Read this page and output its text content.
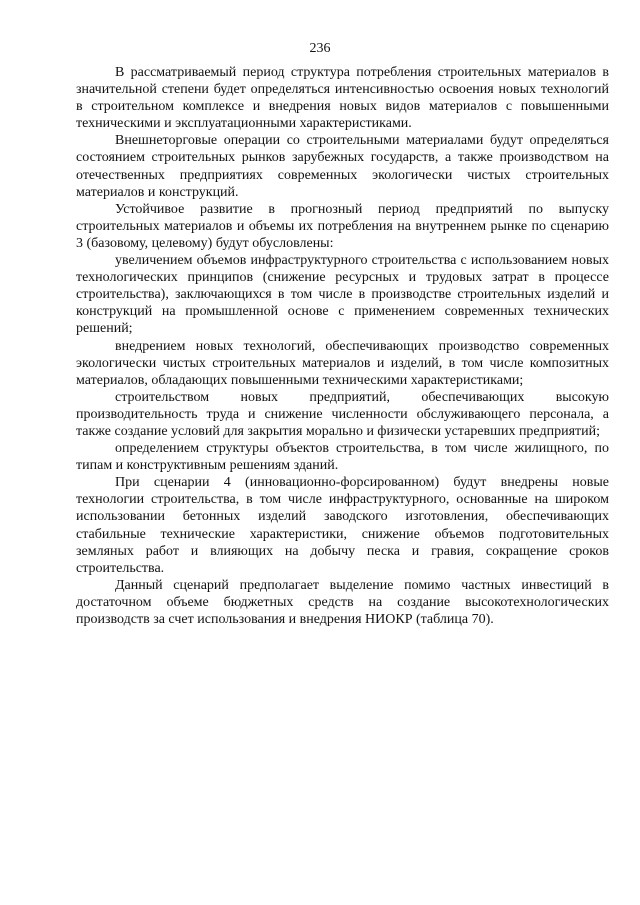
236

В рассматриваемый период структура потребления строительных материалов в значительной степени будет определяться интенсивностью освоения новых технологий в строительном комплексе и внедрения новых видов материалов с повышенными техническими и эксплуатационными характеристиками.

Внешнеторговые операции со строительными материалами будут определяться состоянием строительных рынков зарубежных государств, а также производством на отечественных предприятиях современных экологически чистых строительных материалов и конструкций.

Устойчивое развитие в прогнозный период предприятий по выпуску строительных материалов и объемы их потребления на внутреннем рынке по сценарию 3 (базовому, целевому) будут обусловлены:

увеличением объемов инфраструктурного строительства с использованием новых технологических принципов (снижение ресурсных и трудовых затрат в процессе строительства), заключающихся в том числе в производстве строительных изделий и конструкций на промышленной основе с применением современных технических решений;

внедрением новых технологий, обеспечивающих производство современных экологически чистых строительных материалов и изделий, в том числе композитных материалов, обладающих повышенными техническими характеристиками;

строительством новых предприятий, обеспечивающих высокую производительность труда и снижение численности обслуживающего персонала, а также создание условий для закрытия морально и физически устаревших предприятий;

определением структуры объектов строительства, в том числе жилищного, по типам и конструктивным решениям зданий.

При сценарии 4 (инновационно-форсированном) будут внедрены новые технологии строительства, в том числе инфраструктурного, основанные на широком использовании бетонных изделий заводского изготовления, обеспечивающих стабильные технические характеристики, снижение объемов подготовительных земляных работ и влияющих на добычу песка и гравия, сокращение сроков строительства.

Данный сценарий предполагает выделение помимо частных инвестиций в достаточном объеме бюджетных средств на создание высокотехнологических производств за счет использования и внедрения НИОКР (таблица 70).
